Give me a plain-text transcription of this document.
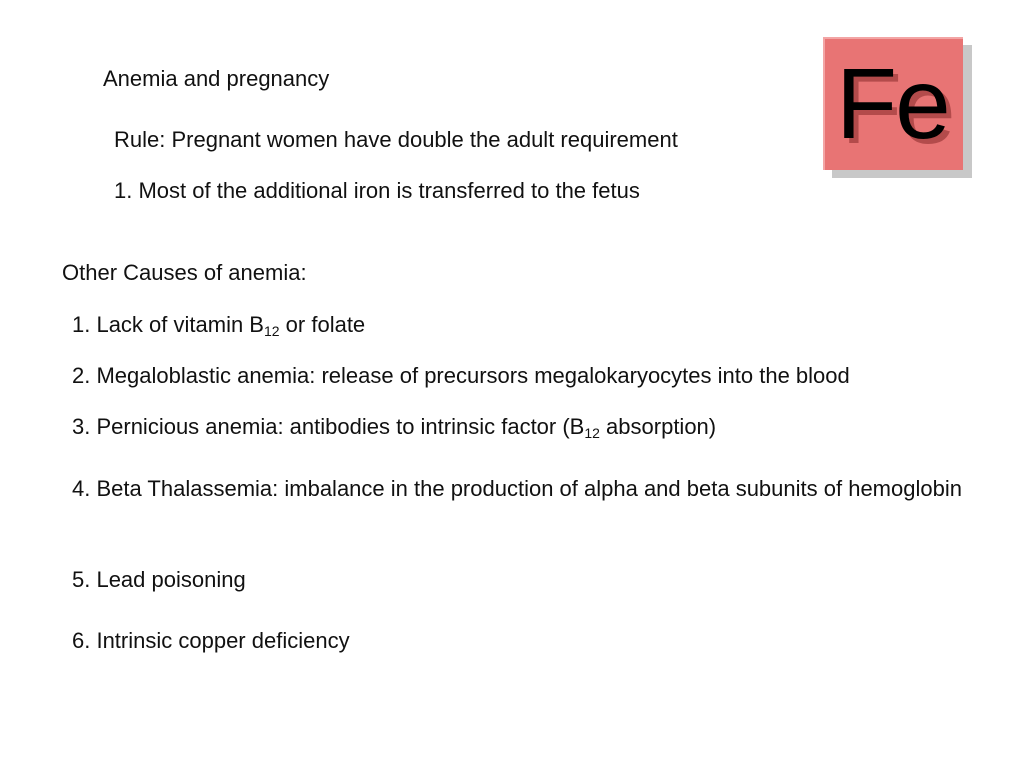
Anemia and pregnancy

Rule: Pregnant women have double the adult requirement

1. Most of the additional iron is transferred to the fetus

Other Causes of anemia:

1. Lack of vitamin $B_{12}$ or folate

2. Megaloblastic anemia: release of precursors megalokaryocytes into the blood

3. Pernicious anemia: antibodies to intrinsic factor ($B_{12}$ absorption)

4. Beta Thalassemia: imbalance in the production of alpha and beta subunits of hemoglobin

5. Lead poisoning

6. Intrinsic copper deficiency

Fe
